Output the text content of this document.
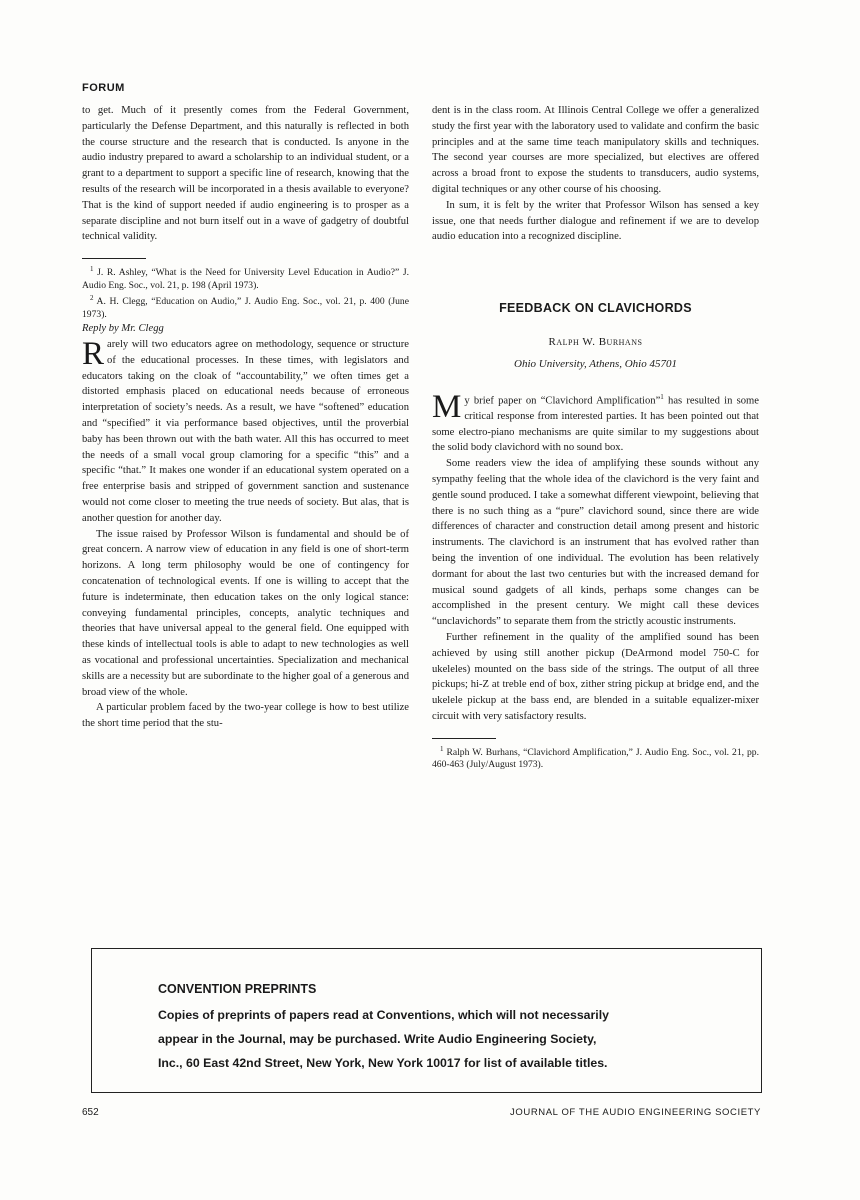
FORUM

to get. Much of it presently comes from the Federal Government, particularly the Defense Department, and this naturally is reflected in both the course structure and the research that is conducted. Is anyone in the audio industry prepared to award a scholarship to an individual student, or a grant to a department to support a specific line of research, knowing that the results of the research will be incorporated in a thesis available to everyone? That is the kind of support needed if audio engineering is to prosper as a separate discipline and not burn itself out in a wave of gadgetry of doubtful technical validity.

$^1$ J. R. Ashley, “What is the Need for University Level Education in Audio?” J. Audio Eng. Soc., vol. 21, p. 198 (April 1973).

$^2$ A. H. Clegg, “Education on Audio,” J. Audio Eng. Soc., vol. 21, p. 400 (June 1973).

Reply by Mr. Clegg

Rarely will two educators agree on methodology, sequence or structure of the educational processes. In these times, with legislators and educators taking on the cloak of “accountability,” we often times get a distorted emphasis placed on educational needs because of erroneous interpretation of society’s needs. As a result, we have “softened” education and “specified” it via performance based objectives, until the proverbial baby has been thrown out with the bath water. All this has occurred to meet the needs of a small vocal group clamoring for a specific “this” and a specific “that.” It makes one wonder if an educational system operated on a free enterprise basis and stripped of government sanction and sustenance would not come closer to meeting the true needs of society. But alas, that is another question for another day.

The issue raised by Professor Wilson is fundamental and should be of great concern. A narrow view of education in any field is one of short-term horizons. A long term philosophy would be one of contingency for concatenation of technological events. If one is willing to accept that the future is indeterminate, then education takes on the only logical stance: conveying fundamental principles, concepts, analytic techniques and theories that have universal appeal to the general field. One equipped with these kinds of intellectual tools is able to adapt to new technologies as well as vocational and professional uncertainties. Specialization and mechanical skills are a necessity but are subordinate to the higher goal of a generous and broad view of the whole.

A particular problem faced by the two-year college is how to best utilize the short time period that the stu-

dent is in the class room. At Illinois Central College we offer a generalized study the first year with the laboratory used to validate and confirm the basic principles and at the same time teach manipulatory skills and techniques. The second year courses are more specialized, but electives are offered across a broad front to expose the students to transducers, audio systems, digital techniques or any other course of his choosing.

In sum, it is felt by the writer that Professor Wilson has sensed a key issue, one that needs further dialogue and refinement if we are to develop audio education into a recognized discipline.

FEEDBACK ON CLAVICHORDS
Ralph W. Burhans
Ohio University, Athens, Ohio 45701

My brief paper on “Clavichord Amplification”$^1$ has resulted in some critical response from interested parties. It has been pointed out that some electro-piano mechanisms are quite similar to my suggestions about the solid body clavichord with no sound box.

Some readers view the idea of amplifying these sounds without any sympathy feeling that the whole idea of the clavichord is the very faint and gentle sound produced. I take a somewhat different viewpoint, believing that there is no such thing as a “pure” clavichord sound, since there are wide differences of character and construction detail among present and historic instruments. The clavichord is an instrument that has evolved rather than being the invention of one individual. The evolution has been relatively dormant for about the last two centuries but with the increased demand for musical sound gadgets of all kinds, perhaps some changes can be accomplished in the present century. We might call these devices “unclavichords” to separate them from the strictly acoustic instruments.

Further refinement in the quality of the amplified sound has been achieved by using still another pickup (DeArmond model 750-C for ukeleles) mounted on the bass side of the strings. The output of all three pickups; hi-Z at treble end of box, zither string pickup at bridge end, and the ukelele pickup at the bass end, are blended in a suitable equalizer-mixer circuit with very satisfactory results.

$^1$ Ralph W. Burhans, “Clavichord Amplification,” J. Audio Eng. Soc., vol. 21, pp. 460-463 (July/August 1973).

CONVENTION PREPRINTS
Copies of preprints of papers read at Conventions, which will not necessarily
appear in the Journal, may be purchased. Write Audio Engineering Society,
Inc., 60 East 42nd Street, New York, New York 10017 for list of available titles.
652	JOURNAL OF THE AUDIO ENGINEERING SOCIETY
